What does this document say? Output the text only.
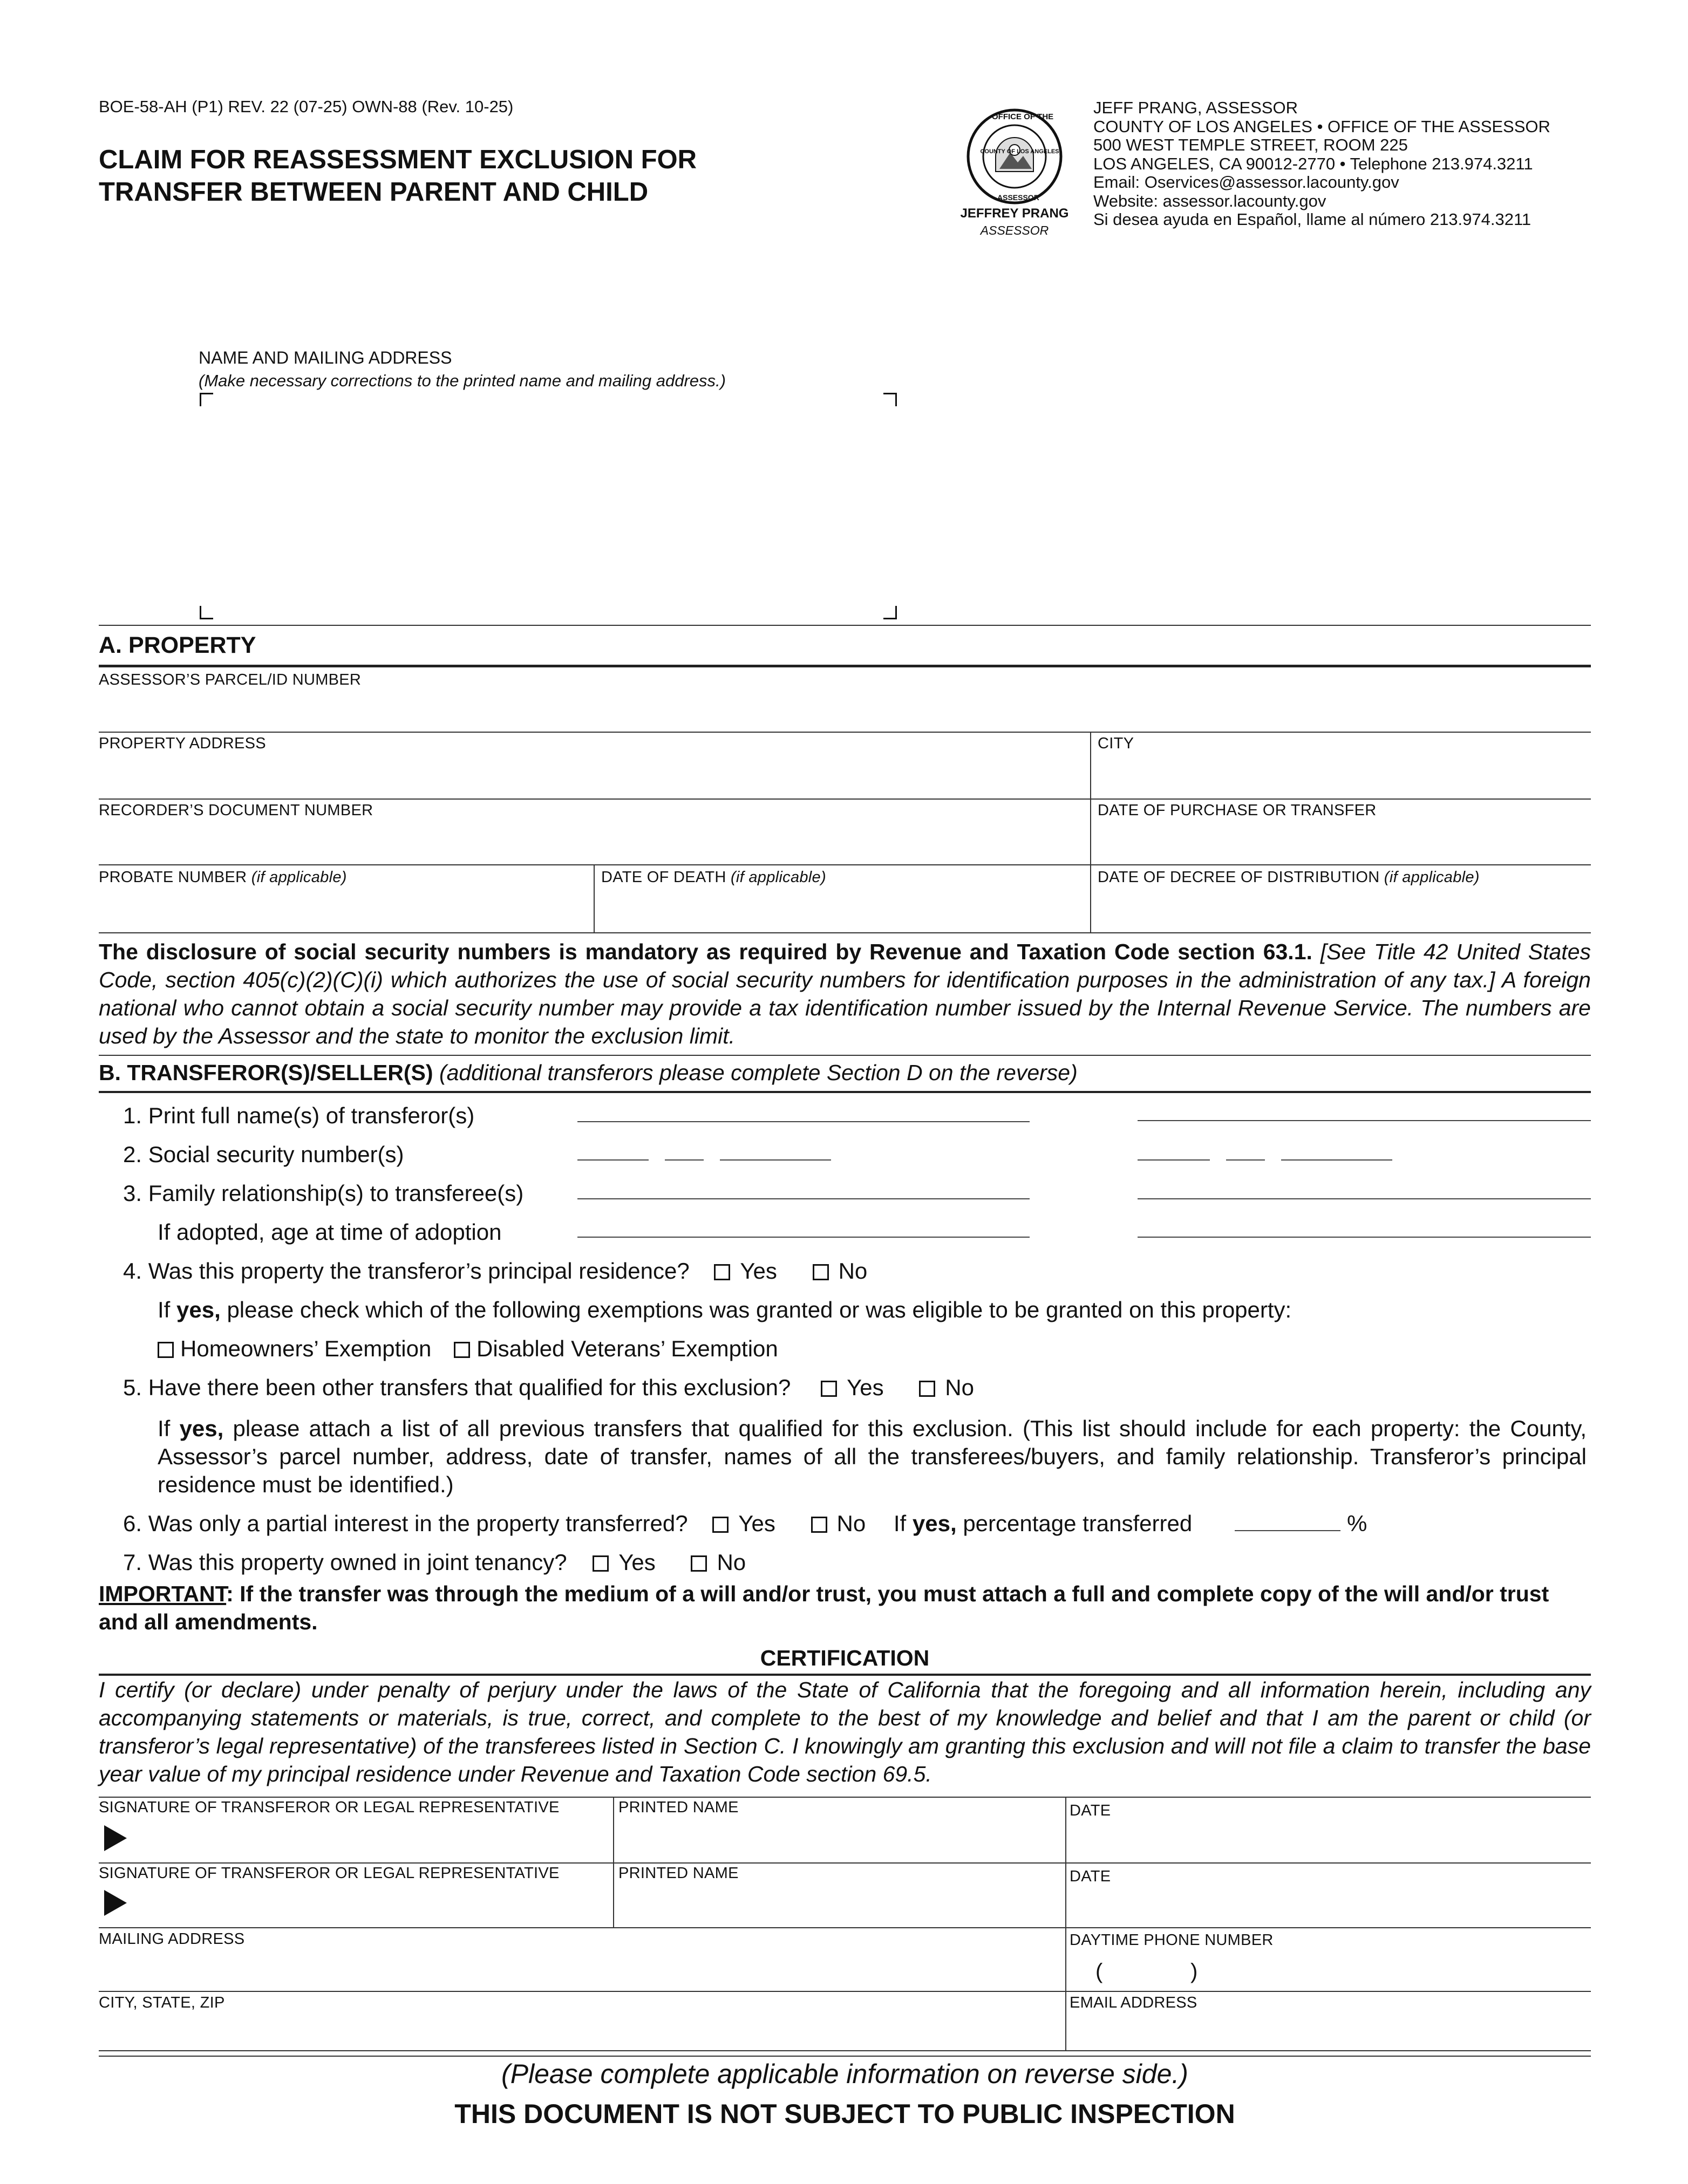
BOE-58-AH (P1) REV. 22 (07-25) OWN-88 (Rev. 10-25)
CLAIM FOR REASSESSMENT EXCLUSION FOR
TRANSFER BETWEEN PARENT AND CHILD
OFFICE OF THE
COUNTY OF LOS ANGELES
ASSESSOR
JEFFREY PRANG
ASSESSOR
JEFF PRANG, ASSESSOR
COUNTY OF LOS ANGELES • OFFICE OF THE ASSESSOR
500 WEST TEMPLE STREET, ROOM 225
LOS ANGELES, CA 90012-2770 • Telephone 213.974.3211
Email: Oservices@assessor.lacounty.gov
Website: assessor.lacounty.gov
Si desea ayuda en Español, llame al número 213.974.3211
NAME AND MAILING ADDRESS
(Make necessary corrections to the printed name and mailing address.)
A. PROPERTY
ASSESSOR’S PARCEL/ID NUMBER
PROPERTY ADDRESS	CITY
RECORDER’S DOCUMENT NUMBER	DATE OF PURCHASE OR TRANSFER
PROBATE NUMBER (if applicable)	DATE OF DEATH (if applicable)	DATE OF DECREE OF DISTRIBUTION (if applicable)
The disclosure of social security numbers is mandatory as required by Revenue and Taxation Code section 63.1. [See Title 42 United States Code, section 405(c)(2)(C)(i) which authorizes the use of social security numbers for identification purposes in the administration of any tax.] A foreign national who cannot obtain a social security number may provide a tax identification number issued by the Internal Revenue Service. The numbers are used by the Assessor and the state to monitor the exclusion limit.
B. TRANSFEROR(S)/SELLER(S) (additional transferors please complete Section D on the reverse)
1. Print full name(s) of transferor(s)
2. Social security number(s)
3. Family relationship(s) to transferee(s)
If adopted, age at time of adoption
4. Was this property the transferor’s principal residence? Yes	No
If yes, please check which of the following exemptions was granted or was eligible to be granted on this property:
Homeowners’ Exemption Disabled Veterans’ Exemption
5. Have there been other transfers that qualified for this exclusion? Yes	No
If yes, please attach a list of all previous transfers that qualified for this exclusion. (This list should include for each property: the County, Assessor’s parcel number, address, date of transfer, names of all the transferees/buyers, and family relationship. Transferor’s principal residence must be identified.)
6. Was only a partial interest in the property transferred? Yes	No If yes, percentage transferred	%
7. Was this property owned in joint tenancy? Yes	No
IMPORTANT: If the transfer was through the medium of a will and/or trust, you must attach a full and complete copy of the will and/or trust and all amendments.
CERTIFICATION
I certify (or declare) under penalty of perjury under the laws of the State of California that the foregoing and all information herein, including any accompanying statements or materials, is true, correct, and complete to the best of my knowledge and belief and that I am the parent or child (or transferor’s legal representative) of the transferees listed in Section C. I knowingly am granting this exclusion and will not file a claim to transfer the base year value of my principal residence under Revenue and Taxation Code section 69.5.
SIGNATURE OF TRANSFEROR OR LEGAL REPRESENTATIVE	PRINTED NAME	DATE
SIGNATURE OF TRANSFEROR OR LEGAL REPRESENTATIVE	PRINTED NAME	DATE
MAILING ADDRESS	DAYTIME PHONE NUMBER
(	)
CITY, STATE, ZIP	EMAIL ADDRESS
(Please complete applicable information on reverse side.)
THIS DOCUMENT IS NOT SUBJECT TO PUBLIC INSPECTION
